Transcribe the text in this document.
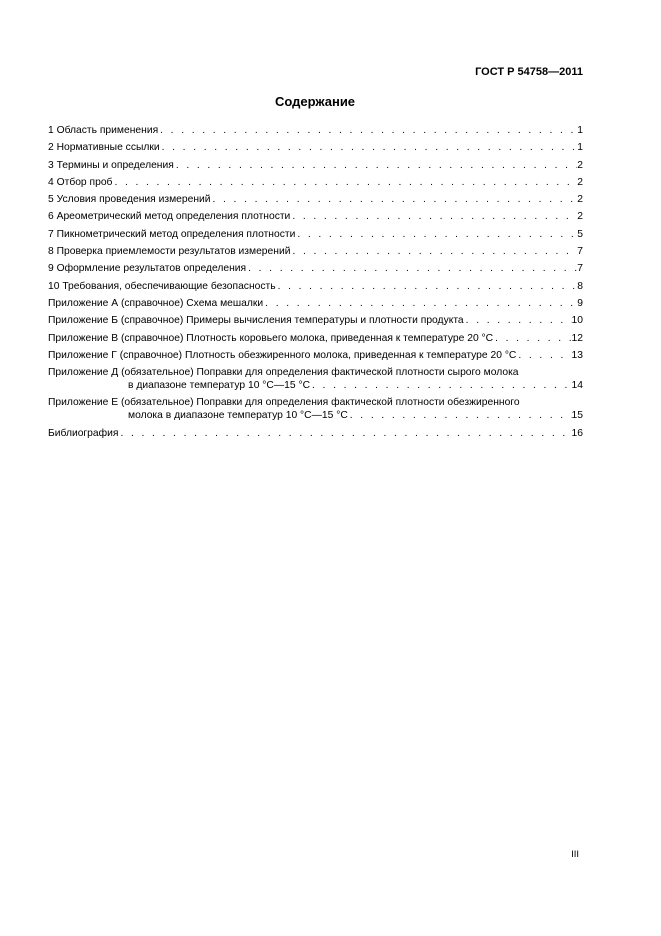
ГОСТ Р 54758—2011
Содержание
1 Область применения . . .	1
2 Нормативные ссылки . . .	1
3 Термины и определения . . .	2
4 Отбор проб . . .	2
5 Условия проведения измерений . . .	2
6 Ареометрический метод определения плотности . . .	2
7 Пикнометрический метод определения плотности . . .	5
8 Проверка приемлемости результатов измерений . . .	7
9 Оформление результатов определения . . .	7
10 Требования, обеспечивающие безопасность . . .	8
Приложение А (справочное) Схема мешалки . . .	9
Приложение Б (справочное) Примеры вычисления температуры и плотности продукта . . .	10
Приложение В (справочное) Плотность коровьего молока, приведенная к температуре 20 °С . . .	12
Приложение Г (справочное) Плотность обезжиренного молока, приведенная к температуре 20 °С . . .	13
Приложение Д (обязательное) Поправки для определения фактической плотности сырого молока
в диапазоне температур 10 °С—15 °С . . .	14
Приложение Е (обязательное) Поправки для определения фактической плотности обезжиренного
молока в диапазоне температур 10 °С—15 °С . . .	15
Библиография . . .	16
III
